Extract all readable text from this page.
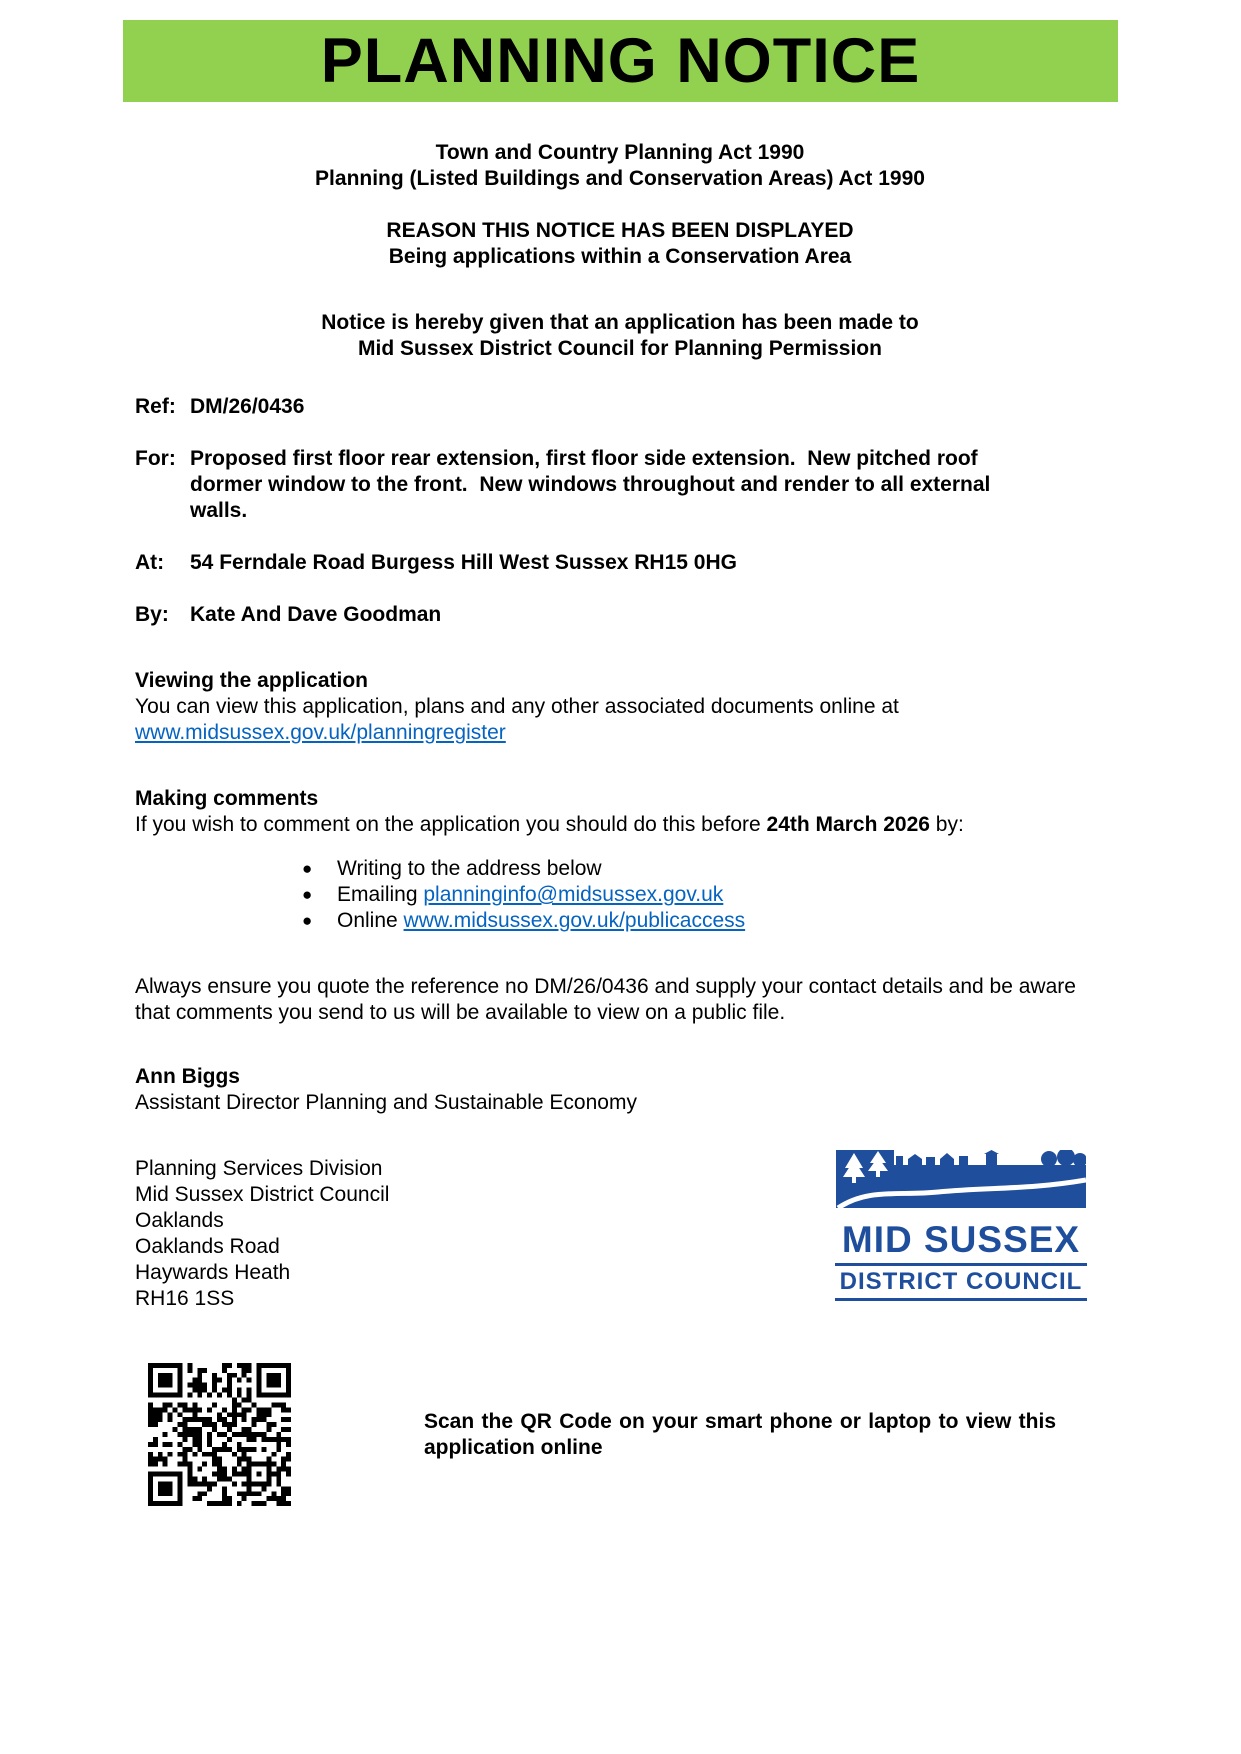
PLANNING NOTICE

Town and Country Planning Act 1990
Planning (Listed Buildings and Conservation Areas) Act 1990

REASON THIS NOTICE HAS BEEN DISPLAYED
Being applications within a Conservation Area

Notice is hereby given that an application has been made to
Mid Sussex District Council for Planning Permission

Ref: DM/26/0436
For: Proposed first floor rear extension, first floor side extension.  New pitched roof dormer window to the front.  New windows throughout and render to all external walls.
At:	54 Ferndale Road Burgess Hill West Sussex RH15 0HG
By:	Kate And Dave Goodman

Viewing the application

You can view this application, plans and any other associated documents online at
www.midsussex.gov.uk/planningregister

Making comments

If you wish to comment on the application you should do this before 24th March 2026 by:

●	Writing to the address below
●	Emailing planninginfo@midsussex.gov.uk
●	Online www.midsussex.gov.uk/publicaccess

Always ensure you quote the reference no DM/26/0436 and supply your contact details and be aware that comments you send to us will be available to view on a public file.

Ann Biggs

Assistant Director Planning and Sustainable Economy

Planning Services Division
Mid Sussex District Council
Oaklands
Oaklands Road
Haywards Heath
RH16 1SS
MID SUSSEX
DISTRICT COUNCIL
Scan the QR Code on your smart phone or laptop to view this application online
